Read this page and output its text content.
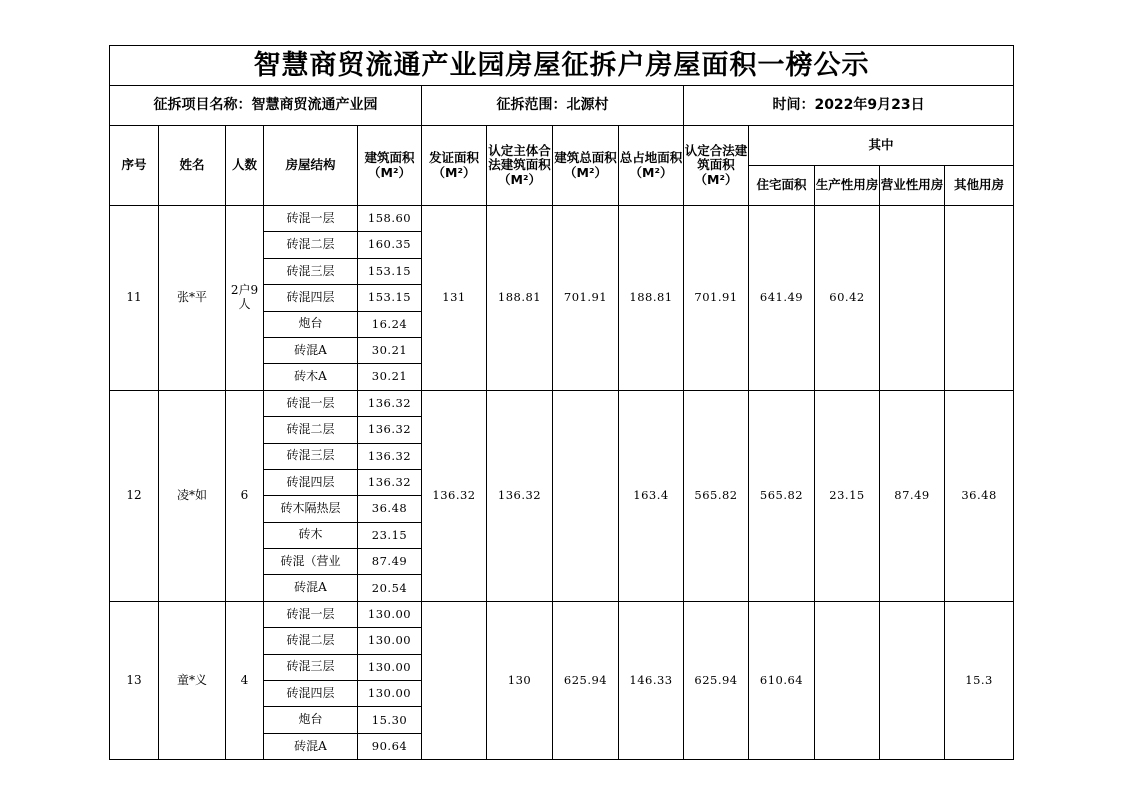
智慧商贸流通产业园房屋征拆户房屋面积一榜公示													
征拆项目名称：智慧商贸流通产业园					征拆范围：北源村				时间：2022年9月23日				
序号	姓名	人数	房屋结构	建筑面积（M²）	发证面积（M²）	认定主体合法建筑面积（M²）	建筑总面积（M²）	总占地面积（M²）	认定合法建筑面积（M²）	其中			
										住宅面积	生产性用房	营业性用房	其他用房
11	张*平	2户9人	砖混一层	158.60	131	188.81	701.91	188.81	701.91	641.49	60.42		
			砖混二层	160.35									
			砖混三层	153.15									
			砖混四层	153.15									
			炮台	16.24									
			砖混A	30.21									
			砖木A	30.21									
12	凌*如	6	砖混一层	136.32	136.32	136.32		163.4	565.82	565.82	23.15	87.49	36.48
			砖混二层	136.32									
			砖混三层	136.32									
			砖混四层	136.32									
			砖木隔热层	36.48									
			砖木	23.15									
			砖混（营业	87.49									
			砖混A	20.54									
13	童*义	4	砖混一层	130.00		130	625.94	146.33	625.94	610.64			15.3
			砖混二层	130.00									
			砖混三层	130.00									
			砖混四层	130.00									
			炮台	15.30									
			砖混A	90.64									
